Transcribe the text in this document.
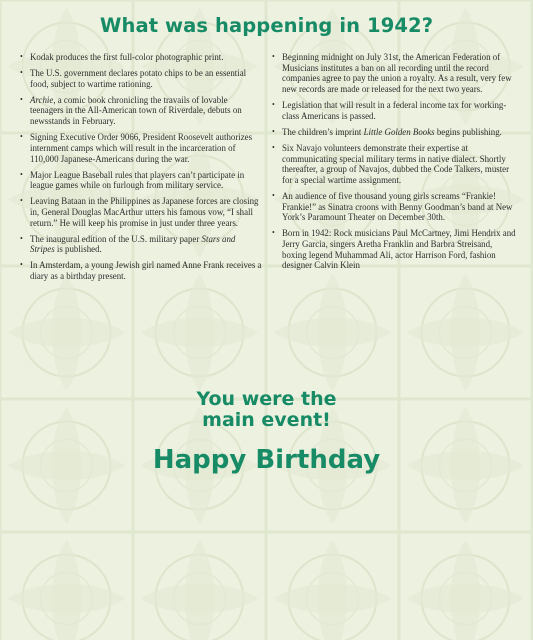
What was happening in 1942?
• Kodak produces the first full-color photographic print.
• The U.S. government declares potato chips to be an essential food, subject to wartime rationing.
• Archie, a comic book chronicling the travails of lovable teenagers in the All-American town of Riverdale, debuts on newsstands in February.
• Signing Executive Order 9066, President Roosevelt authorizes internment camps which will result in the incarceration of 110,000 Japanese-Americans during the war.
• Major League Baseball rules that players can’t participate in league games while on furlough from military service.
• Leaving Bataan in the Philippines as Japanese forces are closing in, General Douglas MacArthur utters his famous vow, “I shall return.” He will keep his promise in just under three years.
• The inaugural edition of the U.S. military paper Stars and Stripes is published.
• In Amsterdam, a young Jewish girl named Anne Frank receives a diary as a birthday present.
• Beginning midnight on July 31st, the American Federation of Musicians institutes a ban on all recording until the record companies agree to pay the union a royalty. As a result, very few new records are made or released for the next two years.
• Legislation that will result in a federal income tax for working-class Americans is passed.
• The children’s imprint Little Golden Books begins publishing.
• Six Navajo volunteers demonstrate their expertise at communicating special military terms in native dialect. Shortly thereafter, a group of Navajos, dubbed the Code Talkers, muster for a special wartime assignment.
• An audience of five thousand young girls screams “Frankie! Frankie!” as Sinatra croons with Benny Goodman’s band at New York’s Paramount Theater on December 30th.
• Born in 1942: Rock musicians Paul McCartney, Jimi Hendrix and Jerry Garcia, singers Aretha Franklin and Barbra Streisand, boxing legend Muhammad Ali, actor Harrison Ford, fashion designer Calvin Klein
You were the
main event!
Happy Birthday
